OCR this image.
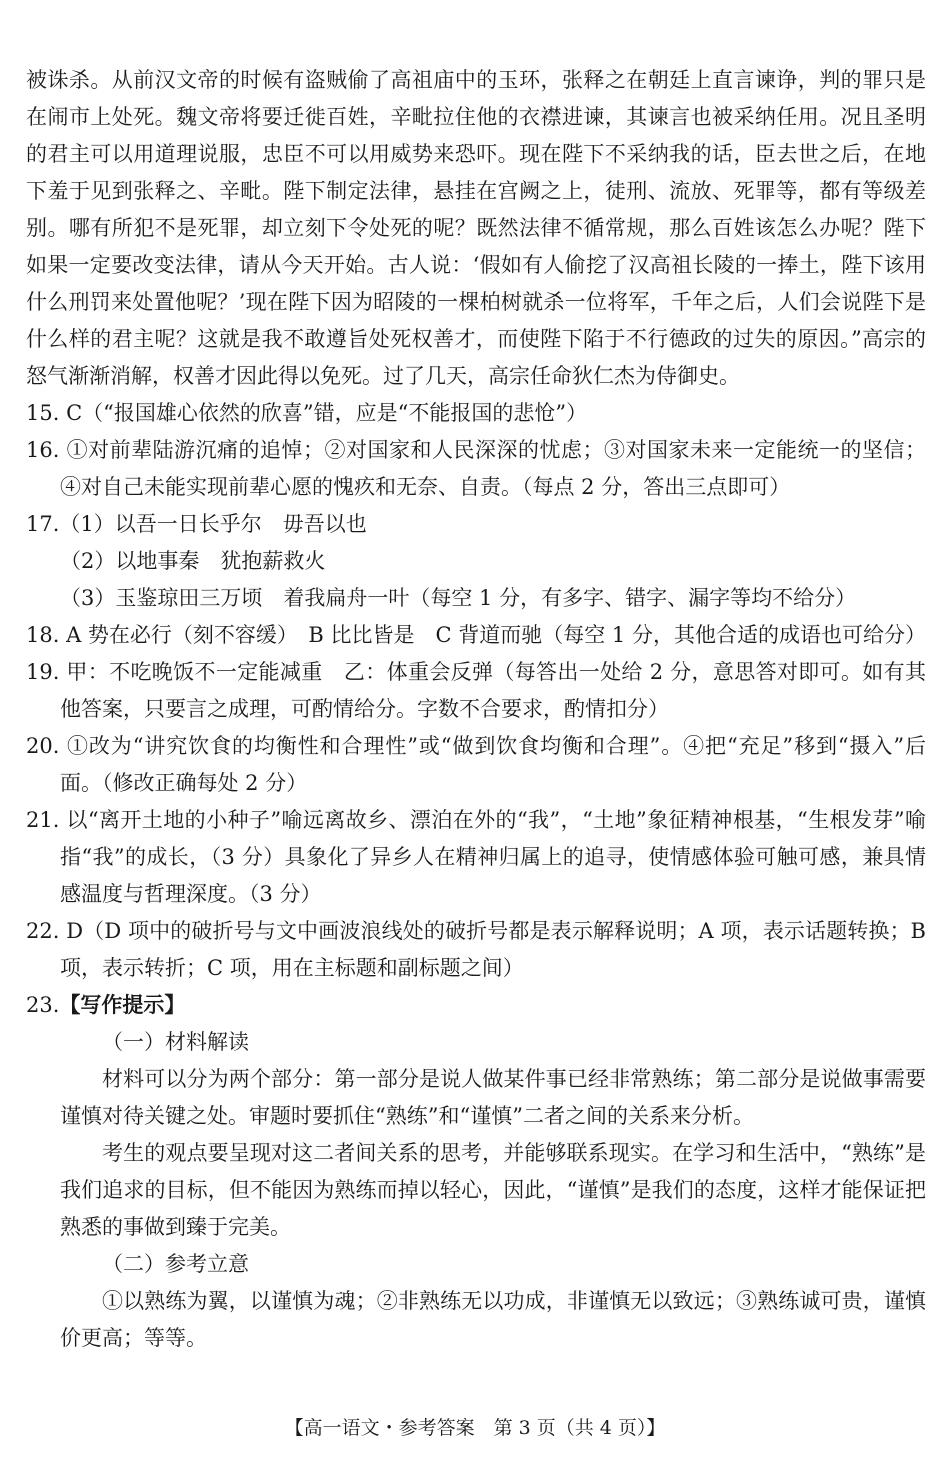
被诛杀。从前汉文帝的时候有盗贼偷了高祖庙中的玉环，张释之在朝廷上直言谏诤，判的罪只是在闹市上处死。魏文帝将要迁徙百姓，辛毗拉住他的衣襟进谏，其谏言也被采纳任用。况且圣明的君主可以用道理说服，忠臣不可以用威势来恐吓。现在陛下不采纳我的话，臣去世之后，在地下羞于见到张释之、辛毗。陛下制定法律，悬挂在宫阙之上，徒刑、流放、死罪等，都有等级差别。哪有所犯不是死罪，却立刻下令处死的呢？既然法律不循常规，那么百姓该怎么办呢？陛下如果一定要改变法律，请从今天开始。古人说：‘假如有人偷挖了汉高祖长陵的一捧土，陛下该用什么刑罚来处置他呢？’现在陛下因为昭陵的一棵柏树就杀一位将军，千年之后，人们会说陛下是什么样的君主呢？这就是我不敢遵旨处死权善才，而使陛下陷于不行德政的过失的原因。”高宗的怒气渐渐消解，权善才因此得以免死。过了几天，高宗任命狄仁杰为侍御史。

15. C（“报国雄心依然的欣喜”错，应是“不能报国的悲怆”）

16. ①对前辈陆游沉痛的追悼；②对国家和人民深深的忧虑；③对国家未来一定能统一的坚信；④对自己未能实现前辈心愿的愧疚和无奈、自责。（每点 2 分，答出三点即可）

17.（1）以吾一日长乎尔　毋吾以也

（2）以地事秦　犹抱薪救火

（3）玉鉴琼田三万顷　着我扁舟一叶（每空 1 分，有多字、错字、漏字等均不给分）

18. A 势在必行（刻不容缓）　B 比比皆是　C 背道而驰（每空 1 分，其他合适的成语也可给分）

19. 甲：不吃晚饭不一定能减重　乙：体重会反弹（每答出一处给 2 分，意思答对即可。如有其他答案，只要言之成理，可酌情给分。字数不合要求，酌情扣分）

20. ①改为“讲究饮食的均衡性和合理性”或“做到饮食均衡和合理”。④把“充足”移到“摄入”后面。（修改正确每处 2 分）

21. 以“离开土地的小种子”喻远离故乡、漂泊在外的“我”，“土地”象征精神根基，“生根发芽”喻指“我”的成长，（3 分）具象化了异乡人在精神归属上的追寻，使情感体验可触可感，兼具情感温度与哲理深度。（3 分）

22. D（D 项中的破折号与文中画波浪线处的破折号都是表示解释说明；A 项，表示话题转换；B 项，表示转折；C 项，用在主标题和副标题之间）

23.【写作提示】

（一）材料解读

材料可以分为两个部分：第一部分是说人做某件事已经非常熟练；第二部分是说做事需要谨慎对待关键之处。审题时要抓住“熟练”和“谨慎”二者之间的关系来分析。

考生的观点要呈现对这二者间关系的思考，并能够联系现实。在学习和生活中，“熟练”是我们追求的目标，但不能因为熟练而掉以轻心，因此，“谨慎”是我们的态度，这样才能保证把熟悉的事做到臻于完美。

（二）参考立意

①以熟练为翼，以谨慎为魂；②非熟练无以功成，非谨慎无以致远；③熟练诚可贵，谨慎价更高；等等。

【高一语文・参考答案　第 3 页（共 4 页）】
